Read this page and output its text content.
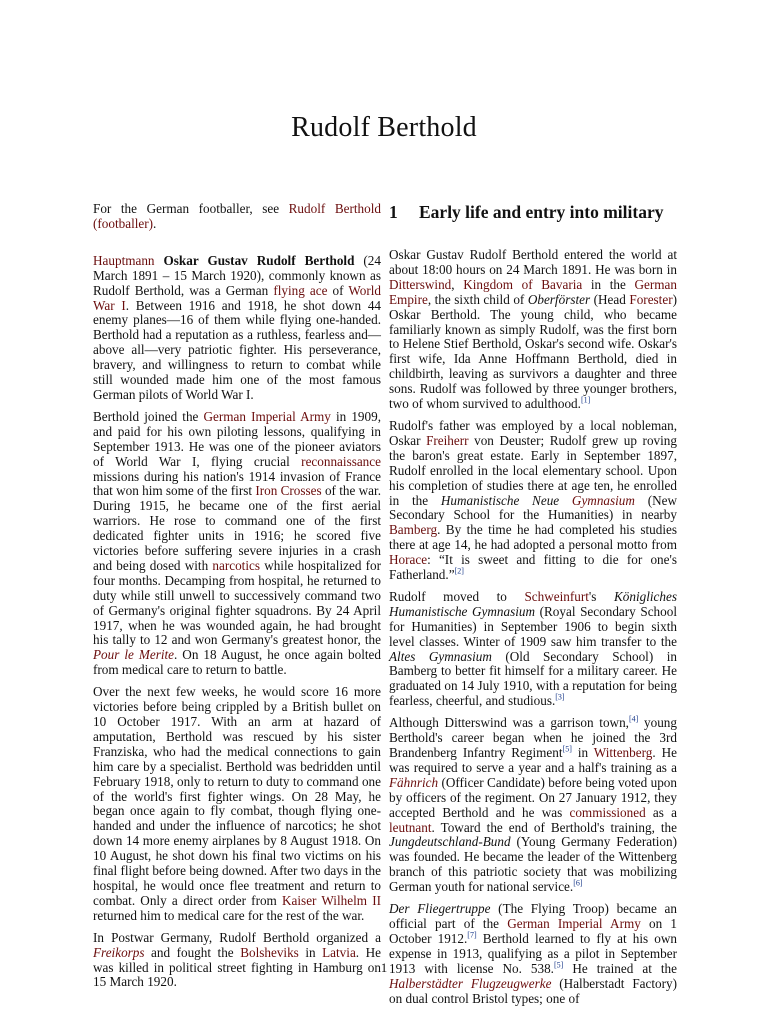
Rudolf Berthold

For the German footballer, see Rudolf Berthold (footballer).

Hauptmann Oskar Gustav Rudolf Berthold (24 March 1891 – 15 March 1920), commonly known as Rudolf Berthold, was a German flying ace of World War I. Between 1916 and 1918, he shot down 44 enemy planes—16 of them while flying one-handed. Berthold had a reputation as a ruthless, fearless and—above all—very patriotic fighter. His perseverance, bravery, and willingness to return to combat while still wounded made him one of the most famous German pilots of World War I.

Berthold joined the German Imperial Army in 1909, and paid for his own piloting lessons, qualifying in September 1913. He was one of the pioneer aviators of World War I, flying crucial reconnaissance missions during his nation's 1914 invasion of France that won him some of the first Iron Crosses of the war. During 1915, he became one of the first aerial warriors. He rose to command one of the first dedicated fighter units in 1916; he scored five victories before suffering severe injuries in a crash and being dosed with narcotics while hospitalized for four months. Decamping from hospital, he returned to duty while still unwell to successively command two of Germany's original fighter squadrons. By 24 April 1917, when he was wounded again, he had brought his tally to 12 and won Germany's greatest honor, the Pour le Merite. On 18 August, he once again bolted from medical care to return to battle.

Over the next few weeks, he would score 16 more victories before being crippled by a British bullet on 10 October 1917. With an arm at hazard of amputation, Berthold was rescued by his sister Franziska, who had the medical connections to gain him care by a specialist. Berthold was bedridden until February 1918, only to return to duty to command one of the world's first fighter wings. On 28 May, he began once again to fly combat, though flying one-handed and under the influence of narcotics; he shot down 14 more enemy airplanes by 8 August 1918. On 10 August, he shot down his final two victims on his final flight before being downed. After two days in the hospital, he would once flee treatment and return to combat. Only a direct order from Kaiser Wilhelm II returned him to medical care for the rest of the war.

In Postwar Germany, Rudolf Berthold organized a Freikorps and fought the Bolsheviks in Latvia. He was killed in political street fighting in Hamburg on 15 March 1920.

1 Early life and entry into military

Oskar Gustav Rudolf Berthold entered the world at about 18:00 hours on 24 March 1891. He was born in Ditterswind, Kingdom of Bavaria in the German Empire, the sixth child of Oberförster (Head Forester) Oskar Berthold. The young child, who became familiarly known as simply Rudolf, was the first born to Helene Stief Berthold, Oskar's second wife. Oskar's first wife, Ida Anne Hoffmann Berthold, died in childbirth, leaving as survivors a daughter and three sons. Rudolf was followed by three younger brothers, two of whom survived to adulthood.[1]

Rudolf's father was employed by a local nobleman, Oskar Freiherr von Deuster; Rudolf grew up roving the baron's great estate. Early in September 1897, Rudolf enrolled in the local elementary school. Upon his completion of studies there at age ten, he enrolled in the Humanistische Neue Gymnasium (New Secondary School for the Humanities) in nearby Bamberg. By the time he had completed his studies there at age 14, he had adopted a personal motto from Horace: “It is sweet and fitting to die for one's Fatherland.”[2]

Rudolf moved to Schweinfurt's Königliches Humanistische Gymnasium (Royal Secondary School for Humanities) in September 1906 to begin sixth level classes. Winter of 1909 saw him transfer to the Altes Gymnasium (Old Secondary School) in Bamberg to better fit himself for a military career. He graduated on 14 July 1910, with a reputation for being fearless, cheerful, and studious.[3]

Although Ditterswind was a garrison town,[4] young Berthold's career began when he joined the 3rd Brandenberg Infantry Regiment[5] in Wittenberg. He was required to serve a year and a half's training as a Fähnrich (Officer Candidate) before being voted upon by officers of the regiment. On 27 January 1912, they accepted Berthold and he was commissioned as a leutnant. Toward the end of Berthold's training, the Jungdeutschland-Bund (Young Germany Federation) was founded. He became the leader of the Wittenberg branch of this patriotic society that was mobilizing German youth for national service.[6]

Der Fliegertruppe (The Flying Troop) became an official part of the German Imperial Army on 1 October 1912.[7] Berthold learned to fly at his own expense in 1913, qualifying as a pilot in September 1913 with license No. 538.[5] He trained at the Halberstädter Flugzeugwerke (Halberstadt Factory) on dual control Bristol types; one of

1
